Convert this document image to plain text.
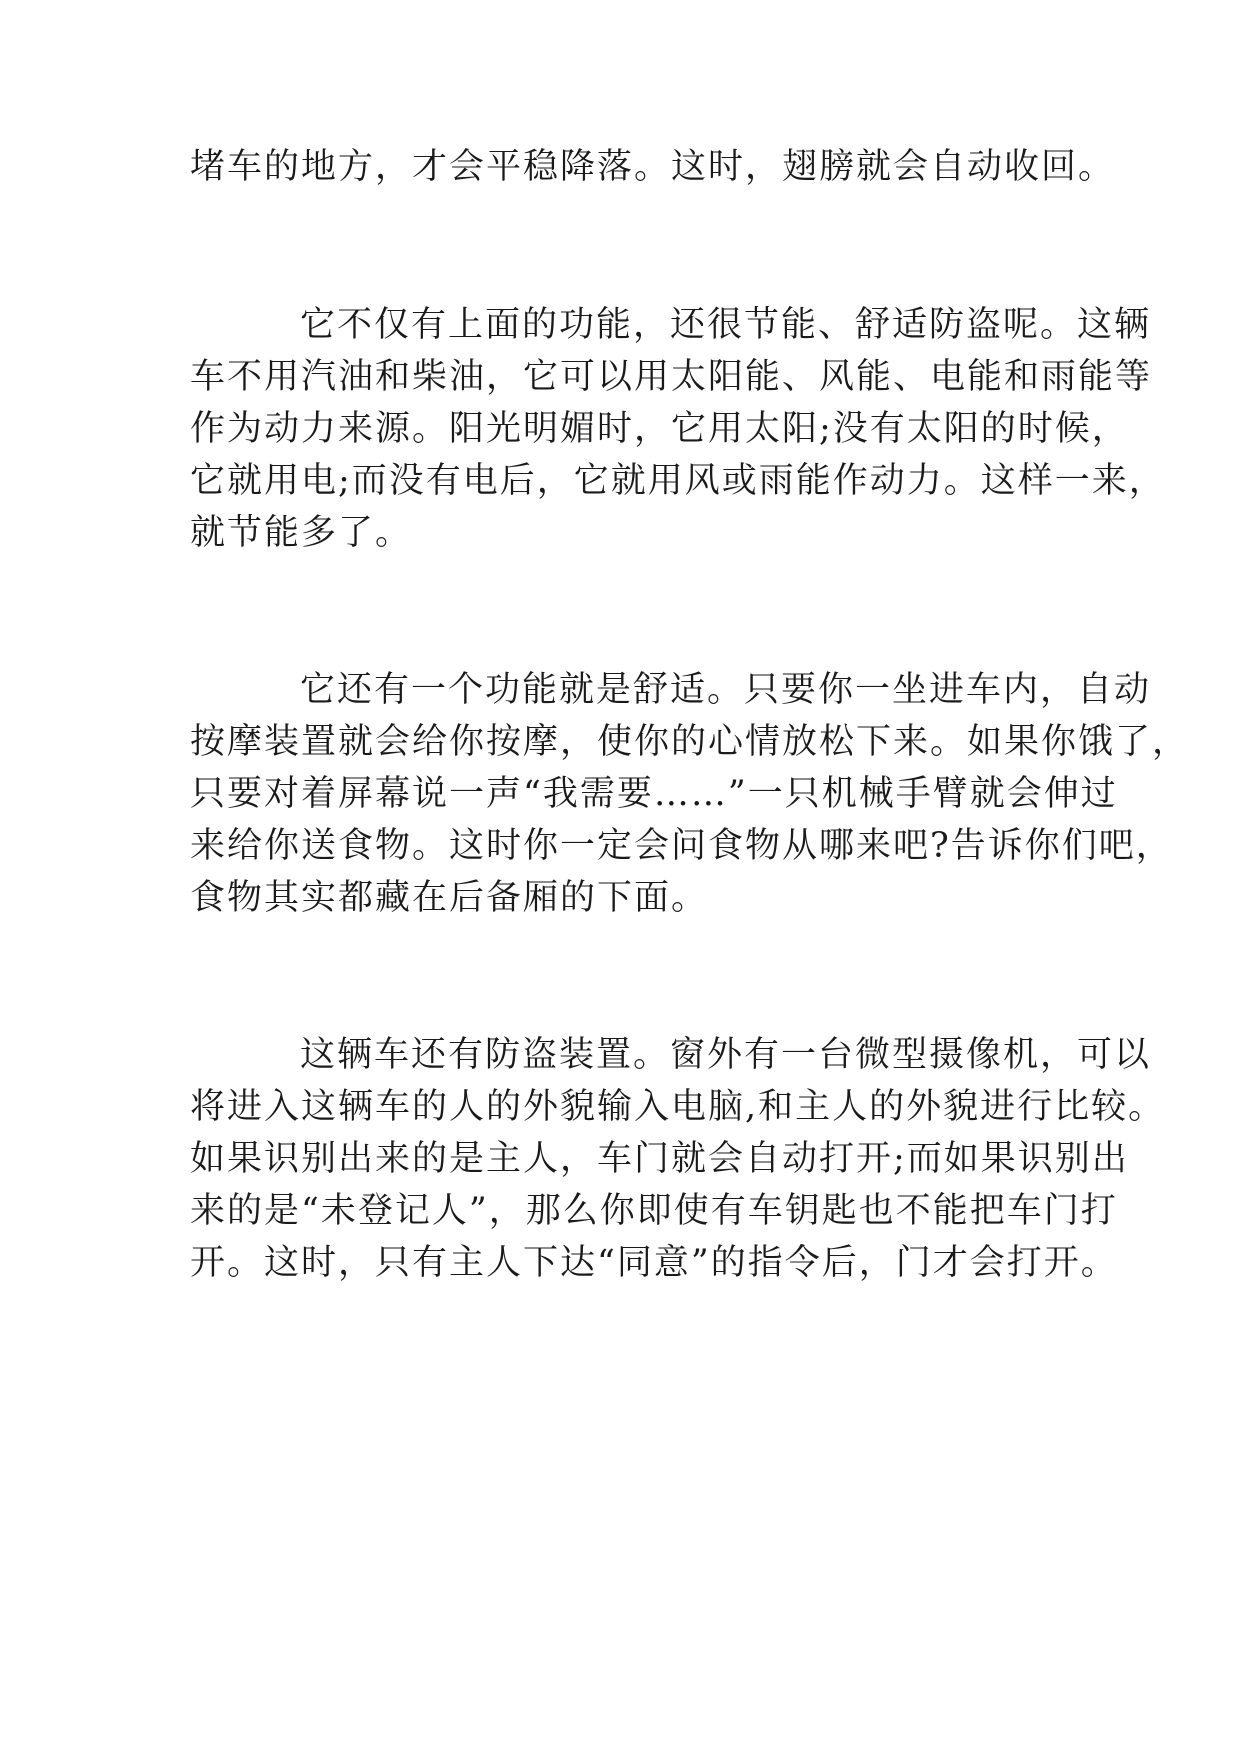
堵车的地方，才会平稳降落。这时，翅膀就会自动收回。
它不仅有上面的功能，还很节能、舒适防盗呢。这辆
车不用汽油和柴油，它可以用太阳能、风能、电能和雨能等
作为动力来源。阳光明媚时，它用太阳;没有太阳的时候，
它就用电;而没有电后，它就用风或雨能作动力。这样一来，
就节能多了。
它还有一个功能就是舒适。只要你一坐进车内，自动
按摩装置就会给你按摩，使你的心情放松下来。如果你饿了，
只要对着屏幕说一声“我需要……”一只机械手臂就会伸过
来给你送食物。这时你一定会问食物从哪来吧?告诉你们吧，
食物其实都藏在后备厢的下面。
这辆车还有防盗装置。窗外有一台微型摄像机，可以
将进入这辆车的人的外貌输入电脑,和主人的外貌进行比较。
如果识别出来的是主人，车门就会自动打开;而如果识别出
来的是“未登记人”，那么你即使有车钥匙也不能把车门打
开。这时，只有主人下达“同意”的指令后，门才会打开。
